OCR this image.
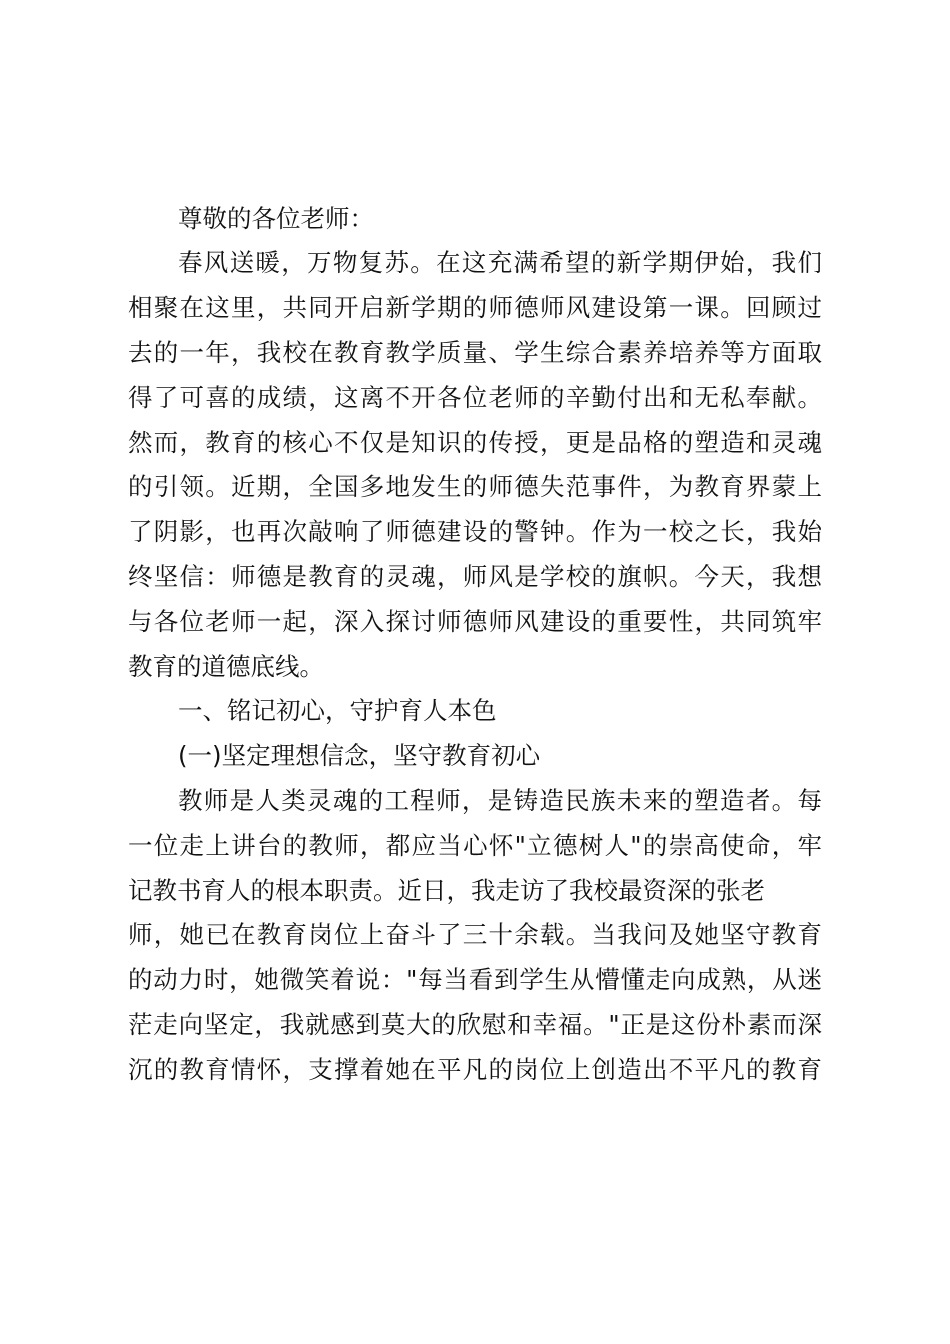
尊敬的各位老师：
春风送暖，万物复苏。在这充满希望的新学期伊始，我们
相聚在这里，共同开启新学期的师德师风建设第一课。回顾过
去的一年，我校在教育教学质量、学生综合素养培养等方面取
得了可喜的成绩，这离不开各位老师的辛勤付出和无私奉献。
然而，教育的核心不仅是知识的传授，更是品格的塑造和灵魂
的引领。近期，全国多地发生的师德失范事件，为教育界蒙上
了阴影，也再次敲响了师德建设的警钟。作为一校之长，我始
终坚信：师德是教育的灵魂，师风是学校的旗帜。今天，我想
与各位老师一起，深入探讨师德师风建设的重要性，共同筑牢
教育的道德底线。
一、铭记初心，守护育人本色
(一)坚定理想信念，坚守教育初心
教师是人类灵魂的工程师，是铸造民族未来的塑造者。每
一位走上讲台的教师，都应当心怀"立德树人"的崇高使命，牢
记教书育人的根本职责。近日，我走访了我校最资深的张老
师，她已在教育岗位上奋斗了三十余载。当我问及她坚守教育
的动力时，她微笑着说："每当看到学生从懵懂走向成熟，从迷
茫走向坚定，我就感到莫大的欣慰和幸福。"正是这份朴素而深
沉的教育情怀，支撑着她在平凡的岗位上创造出不平凡的教育
